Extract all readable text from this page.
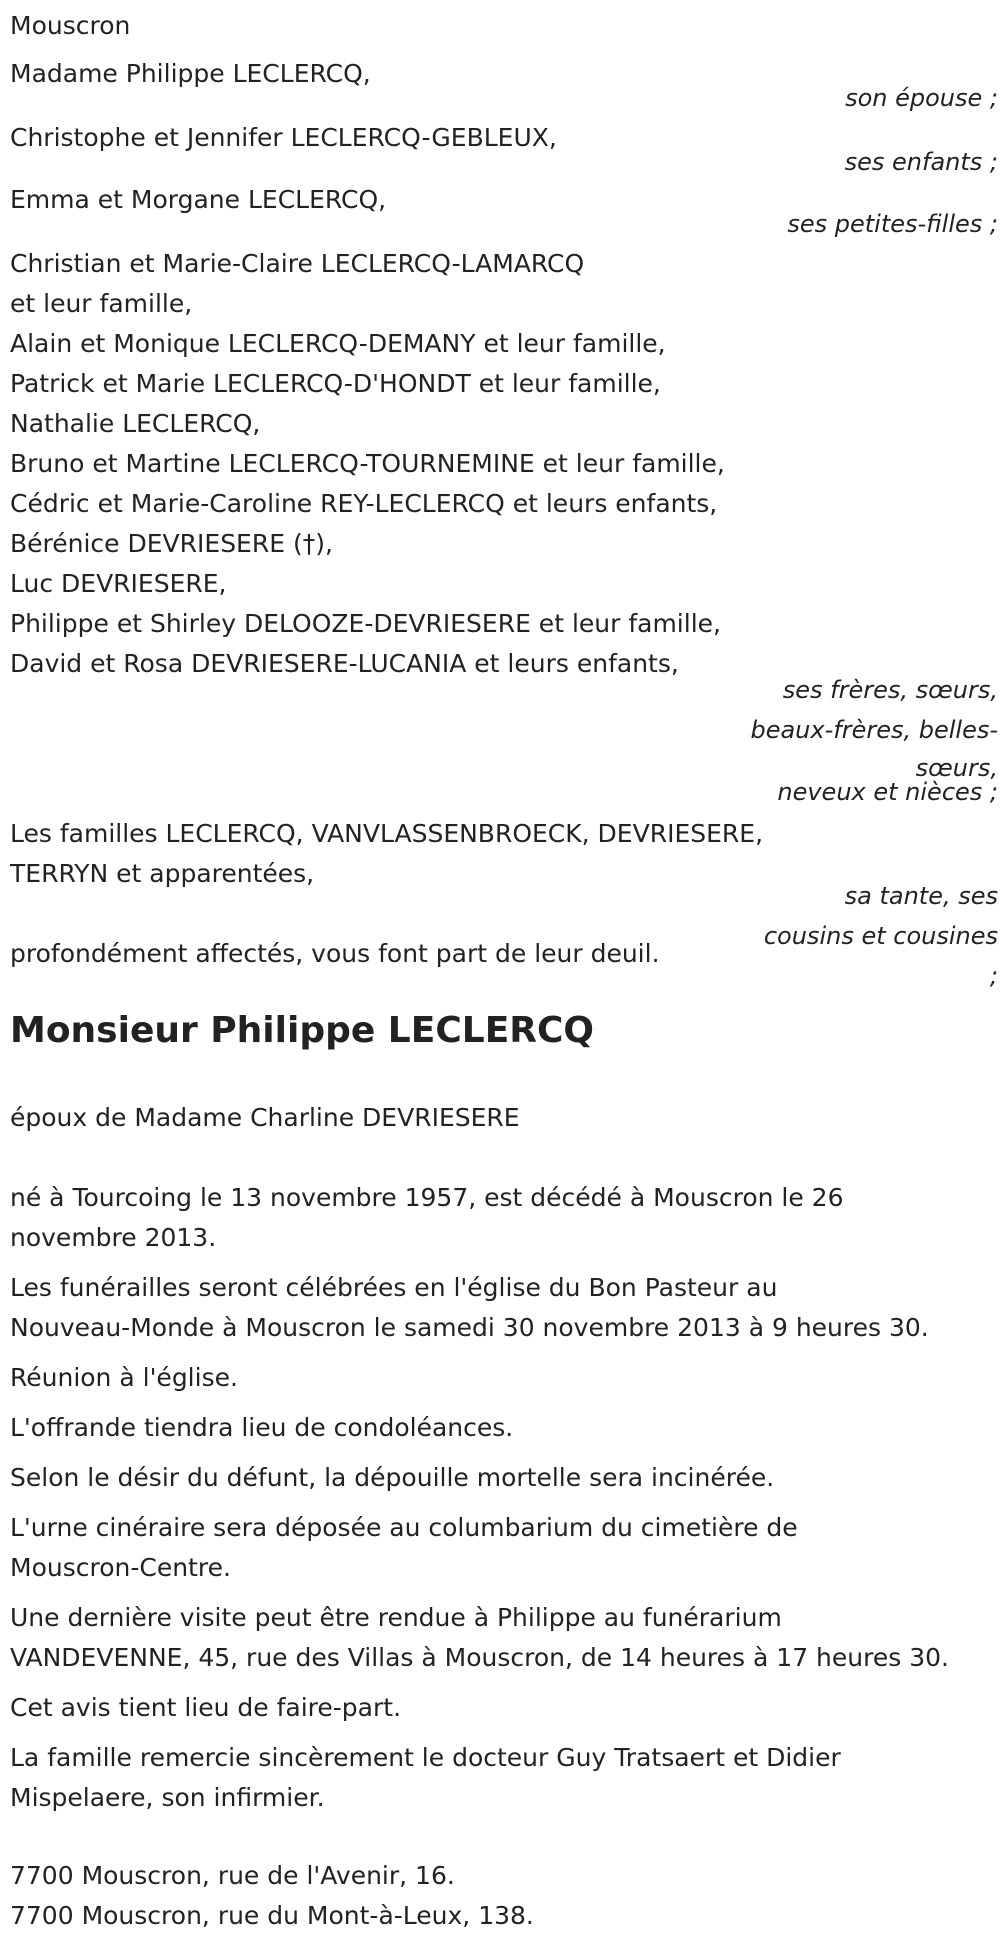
Mouscron
Madame Philippe LECLERCQ,
son épouse ;
Christophe et Jennifer LECLERCQ-GEBLEUX,
ses enfants ;
Emma et Morgane LECLERCQ,
ses petites-filles ;
Christian et Marie-Claire LECLERCQ-LAMARCQ
et leur famille,
Alain et Monique LECLERCQ-DEMANY et leur famille,
Patrick et Marie LECLERCQ-D'HONDT et leur famille,
Nathalie LECLERCQ,
Bruno et Martine LECLERCQ-TOURNEMINE et leur famille,
Cédric et Marie-Caroline REY-LECLERCQ et leurs enfants,
Bérénice DEVRIESERE (†),
Luc DEVRIESERE,
Philippe et Shirley DELOOZE-DEVRIESERE et leur famille,
David et Rosa DEVRIESERE-LUCANIA et leurs enfants,
ses frères, sœurs,
beaux-frères, belles-
sœurs,
neveux et nièces ;
Les familles LECLERCQ, VANVLASSENBROECK, DEVRIESERE,
TERRYN et apparentées,
sa tante, ses
cousins et cousines
;
profondément affectés, vous font part de leur deuil.
Monsieur Philippe LECLERCQ
époux de Madame Charline DEVRIESERE
né à Tourcoing le 13 novembre 1957, est décédé à Mouscron le 26
novembre 2013.
Les funérailles seront célébrées en l'église du Bon Pasteur au
Nouveau-Monde à Mouscron le samedi 30 novembre 2013 à 9 heures 30.
Réunion à l'église.
L'offrande tiendra lieu de condoléances.
Selon le désir du défunt, la dépouille mortelle sera incinérée.
L'urne cinéraire sera déposée au columbarium du cimetière de
Mouscron-Centre.
Une dernière visite peut être rendue à Philippe au funérarium
VANDEVENNE, 45, rue des Villas à Mouscron, de 14 heures à 17 heures 30.
Cet avis tient lieu de faire-part.
La famille remercie sincèrement le docteur Guy Tratsaert et Didier
Mispelaere, son infirmier.
7700 Mouscron, rue de l'Avenir, 16.
7700 Mouscron, rue du Mont-à-Leux, 138.
